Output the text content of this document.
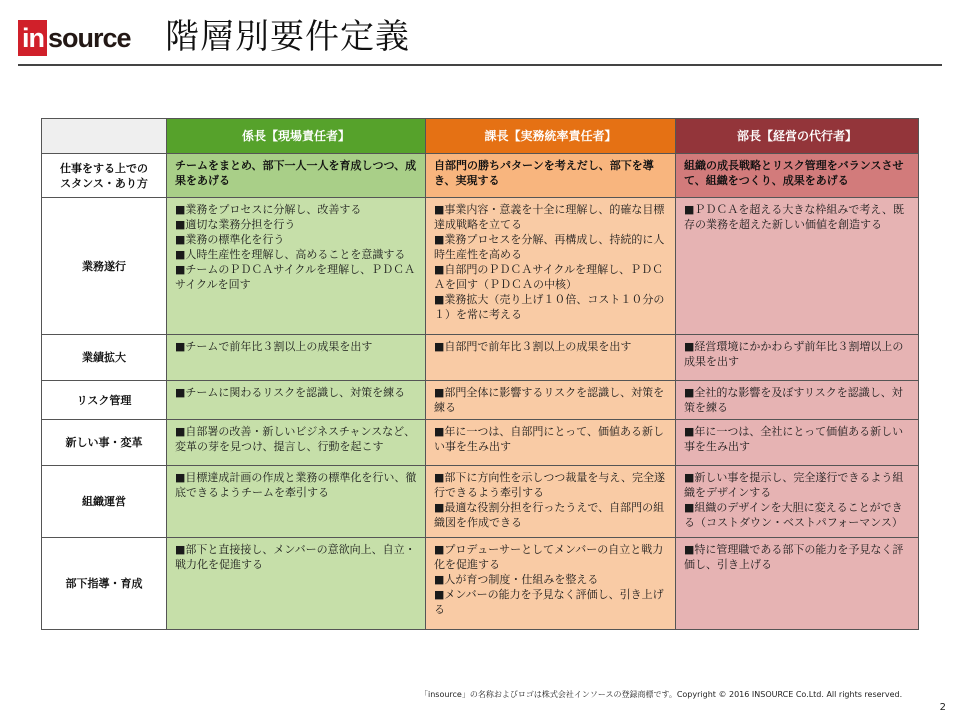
in source 階層別要件定義
	係長【現場責任者】	課長【実務統率責任者】	部長【経営の代行者】

仕事をする上での
スタンス・あり方	チームをまとめ、部下一人一人を育成しつつ、成果をあげる	自部門の勝ちパターンを考えだし、部下を導き、実現する	組織の成長戦略とリスク管理をバランスさせて、組織をつくり、成果をあげる
業務遂行	■業務をプロセスに分解し、改善する
■適切な業務分担を行う
■業務の標準化を行う
■人時生産性を理解し、高めることを意識する
■チームのＰＤＣＡサイクルを理解し、ＰＤＣＡサイクルを回す	■事業内容・意義を十全に理解し、的確な目標達成戦略を立てる
■業務プロセスを分解、再構成し、持続的に人時生産性を高める
■自部門のＰＤＣＡサイクルを理解し、ＰＤＣＡを回す（ＰＤＣＡの中核）
■業務拡大（売り上げ１０倍、コスト１０分の１）を常に考える	■ＰＤＣＡを超える大きな枠組みで考え、既存の業務を超えた新しい価値を創造する

業績拡大	■チームで前年比３割以上の成果を出す	■自部門で前年比３割以上の成果を出す	■経営環境にかかわらず前年比３割増以上の成果を出す

リスク管理	■チームに関わるリスクを認識し、対策を練る	■部門全体に影響するリスクを認識し、対策を練る	■全社的な影響を及ぼすリスクを認識し、対策を練る

新しい事・変革	■自部署の改善・新しいビジネスチャンスなど、変革の芽を見つけ、提言し、行動を起こす	■年に一つは、自部門にとって、価値ある新しい事を生み出す	■年に一つは、全社にとって価値ある新しい事を生み出す

組織運営	■目標達成計画の作成と業務の標準化を行い、徹底できるようチームを牽引する	■部下に方向性を示しつつ裁量を与え、完全遂行できるよう牽引する
■最適な役割分担を行ったうえで、自部門の組織図を作成できる	■新しい事を提示し、完全遂行できるよう組織をデザインする
■組織のデザインを大胆に変えることができる（コストダウン・ベストパフォーマンス）

部下指導・育成	■部下と直接接し、メンバーの意欲向上、自立・戦力化を促進する	■プロデューサーとしてメンバーの自立と戦力化を促進する
■人が育つ制度・仕組みを整える
■メンバーの能力を予見なく評価し、引き上げる	■特に管理職である部下の能力を予見なく評価し、引き上げる
「insource」の名称およびロゴは株式会社インソースの登録商標です。Copyright © 2016 INSOURCE Co.Ltd. All rights reserved.
2
